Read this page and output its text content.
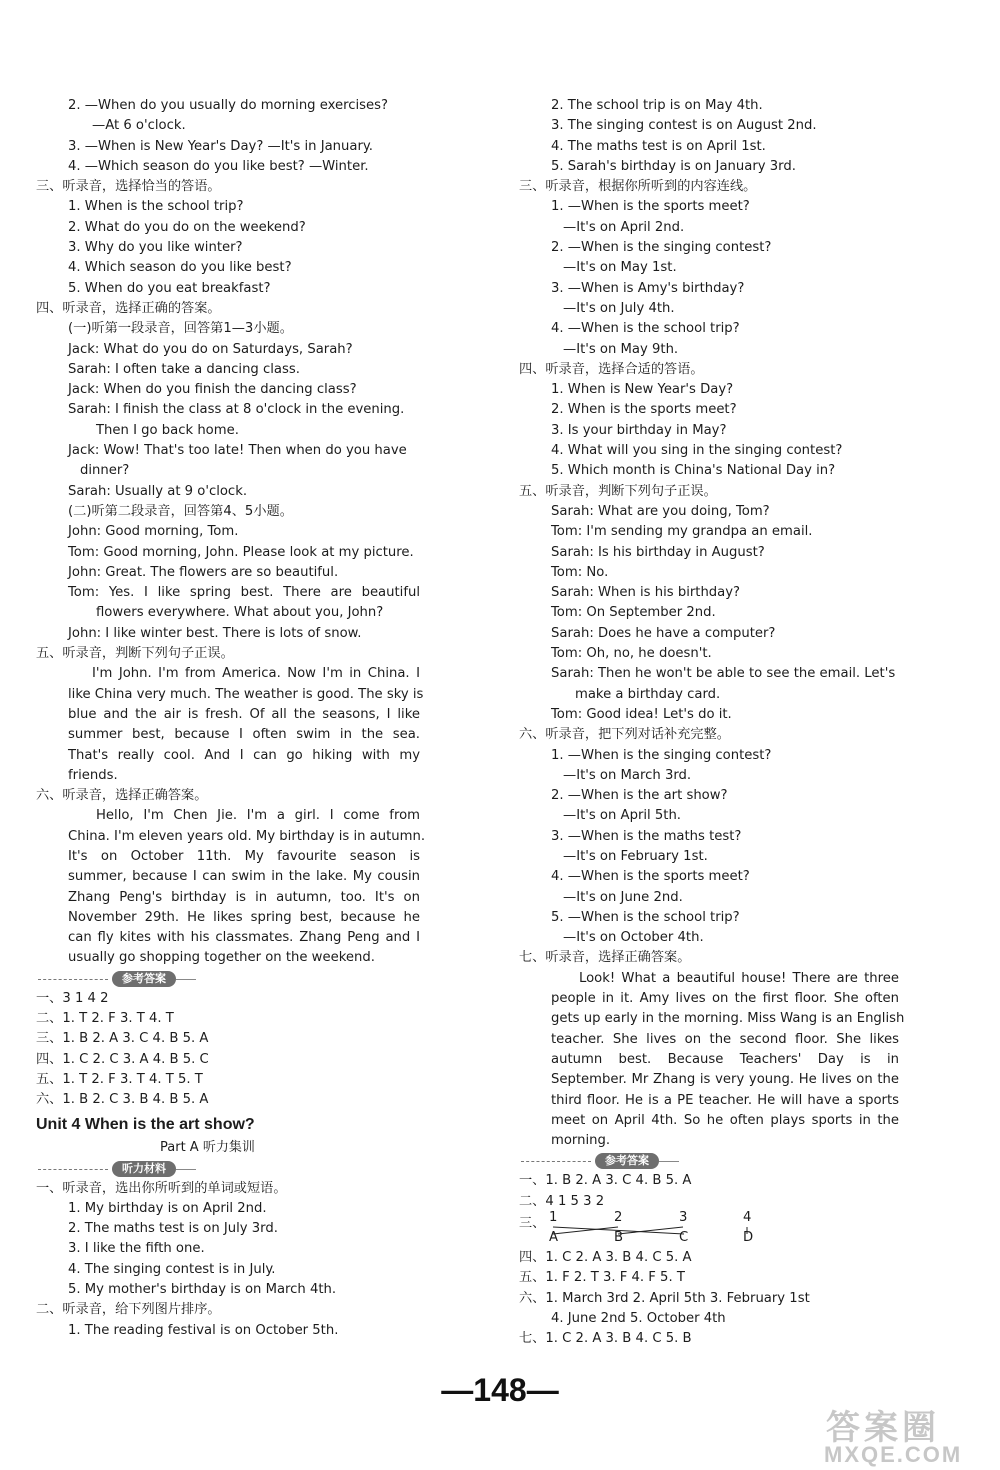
2. —When do you usually do morning exercises?
—At 6 o'clock.
3. —When is New Year's Day? —It's in January.
4. —Which season do you like best? —Winter.
三、听录音，选择恰当的答语。
1. When is the school trip?
2. What do you do on the weekend?
3. Why do you like winter?
4. Which season do you like best?
5. When do you eat breakfast?
四、听录音，选择正确的答案。
(一)听第一段录音，回答第1—3小题。
Jack: What do you do on Saturdays, Sarah?
Sarah: I often take a dancing class.
Jack: When do you finish the dancing class?
Sarah: I finish the class at 8 o'clock in the evening.
Then I go back home.
Jack: Wow! That's too late! Then when do you have
dinner?
Sarah: Usually at 9 o'clock.
(二)听第二段录音，回答第4、5小题。
John: Good morning, Tom.
Tom: Good morning, John. Please look at my picture.
John: Great. The flowers are so beautiful.
Tom: Yes. I like spring best. There are beautiful
flowers everywhere. What about you, John?
John: I like winter best. There is lots of snow.
五、听录音，判断下列句子正误。
I'm John. I'm from America. Now I'm in China. I
like China very much. The weather is good. The sky is
blue and the air is fresh. Of all the seasons, I like
summer best, because I often swim in the sea.
That's really cool. And I can go hiking with my
friends.
六、听录音，选择正确答案。
Hello, I'm Chen Jie. I'm a girl. I come from
China. I'm eleven years old. My birthday is in autumn.
It's on October 11th. My favourite season is
summer, because I can swim in the lake. My cousin
Zhang Peng's birthday is in autumn, too. It's on
November 29th. He likes spring best, because he
can fly kites with his classmates. Zhang Peng and I
usually go shopping together on the weekend.
参考答案
一、3 1 4 2
二、1. T 2. F 3. T 4. T
三、1. B 2. A 3. C 4. B 5. A
四、1. C 2. C 3. A 4. B 5. C
五、1. T 2. F 3. T 4. T 5. T
六、1. B 2. C 3. B 4. B 5. A
Unit 4 When is the art show?
Part A 听力集训
听力材料
一、听录音，选出你所听到的单词或短语。
1. My birthday is on April 2nd.
2. The maths test is on July 3rd.
3. I like the fifth one.
4. The singing contest is in July.
5. My mother's birthday is on March 4th.
二、听录音，给下列图片排序。
1. The reading festival is on October 5th.
2. The school trip is on May 4th.
3. The singing contest is on August 2nd.
4. The maths test is on April 1st.
5. Sarah's birthday is on January 3rd.
三、听录音，根据你所听到的内容连线。
1. —When is the sports meet?
—It's on April 2nd.
2. —When is the singing contest?
—It's on May 1st.
3. —When is Amy's birthday?
—It's on July 4th.
4. —When is the school trip?
—It's on May 9th.
四、听录音，选择合适的答语。
1. When is New Year's Day?
2. When is the sports meet?
3. Is your birthday in May?
4. What will you sing in the singing contest?
5. Which month is China's National Day in?
五、听录音，判断下列句子正误。
Sarah: What are you doing, Tom?
Tom: I'm sending my grandpa an email.
Sarah: Is his birthday in August?
Tom: No.
Sarah: When is his birthday?
Tom: On September 2nd.
Sarah: Does he have a computer?
Tom: Oh, no, he doesn't.
Sarah: Then he won't be able to see the email. Let's
make a birthday card.
Tom: Good idea! Let's do it.
六、听录音，把下列对话补充完整。
1. —When is the singing contest?
—It's on March 3rd.
2. —When is the art show?
—It's on April 5th.
3. —When is the maths test?
—It's on February 1st.
4. —When is the sports meet?
—It's on June 2nd.
5. —When is the school trip?
—It's on October 4th.
七、听录音，选择正确答案。
Look! What a beautiful house! There are three
people in it. Amy lives on the first floor. She often
gets up early in the morning. Miss Wang is an English
teacher. She lives on the second floor. She likes
autumn best. Because Teachers' Day is in
September. Mr Zhang is very young. He lives on the
third floor. He is a PE teacher. He will have a sports
meet on April 4th. So he often plays sports in the
morning.
参考答案
一、1. B 2. A 3. C 4. B 5. A
二、4 1 5 3 2
三、 1	2	3	4
A	B	C	D
四、1. C 2. A 3. B 4. C 5. A
五、1. F 2. T 3. F 4. F 5. T
六、1. March 3rd 2. April 5th 3. February 1st
4. June 2nd 5. October 4th
七、1. C 2. A 3. B 4. C 5. B
—148—
答案圈
MXQE.COM
